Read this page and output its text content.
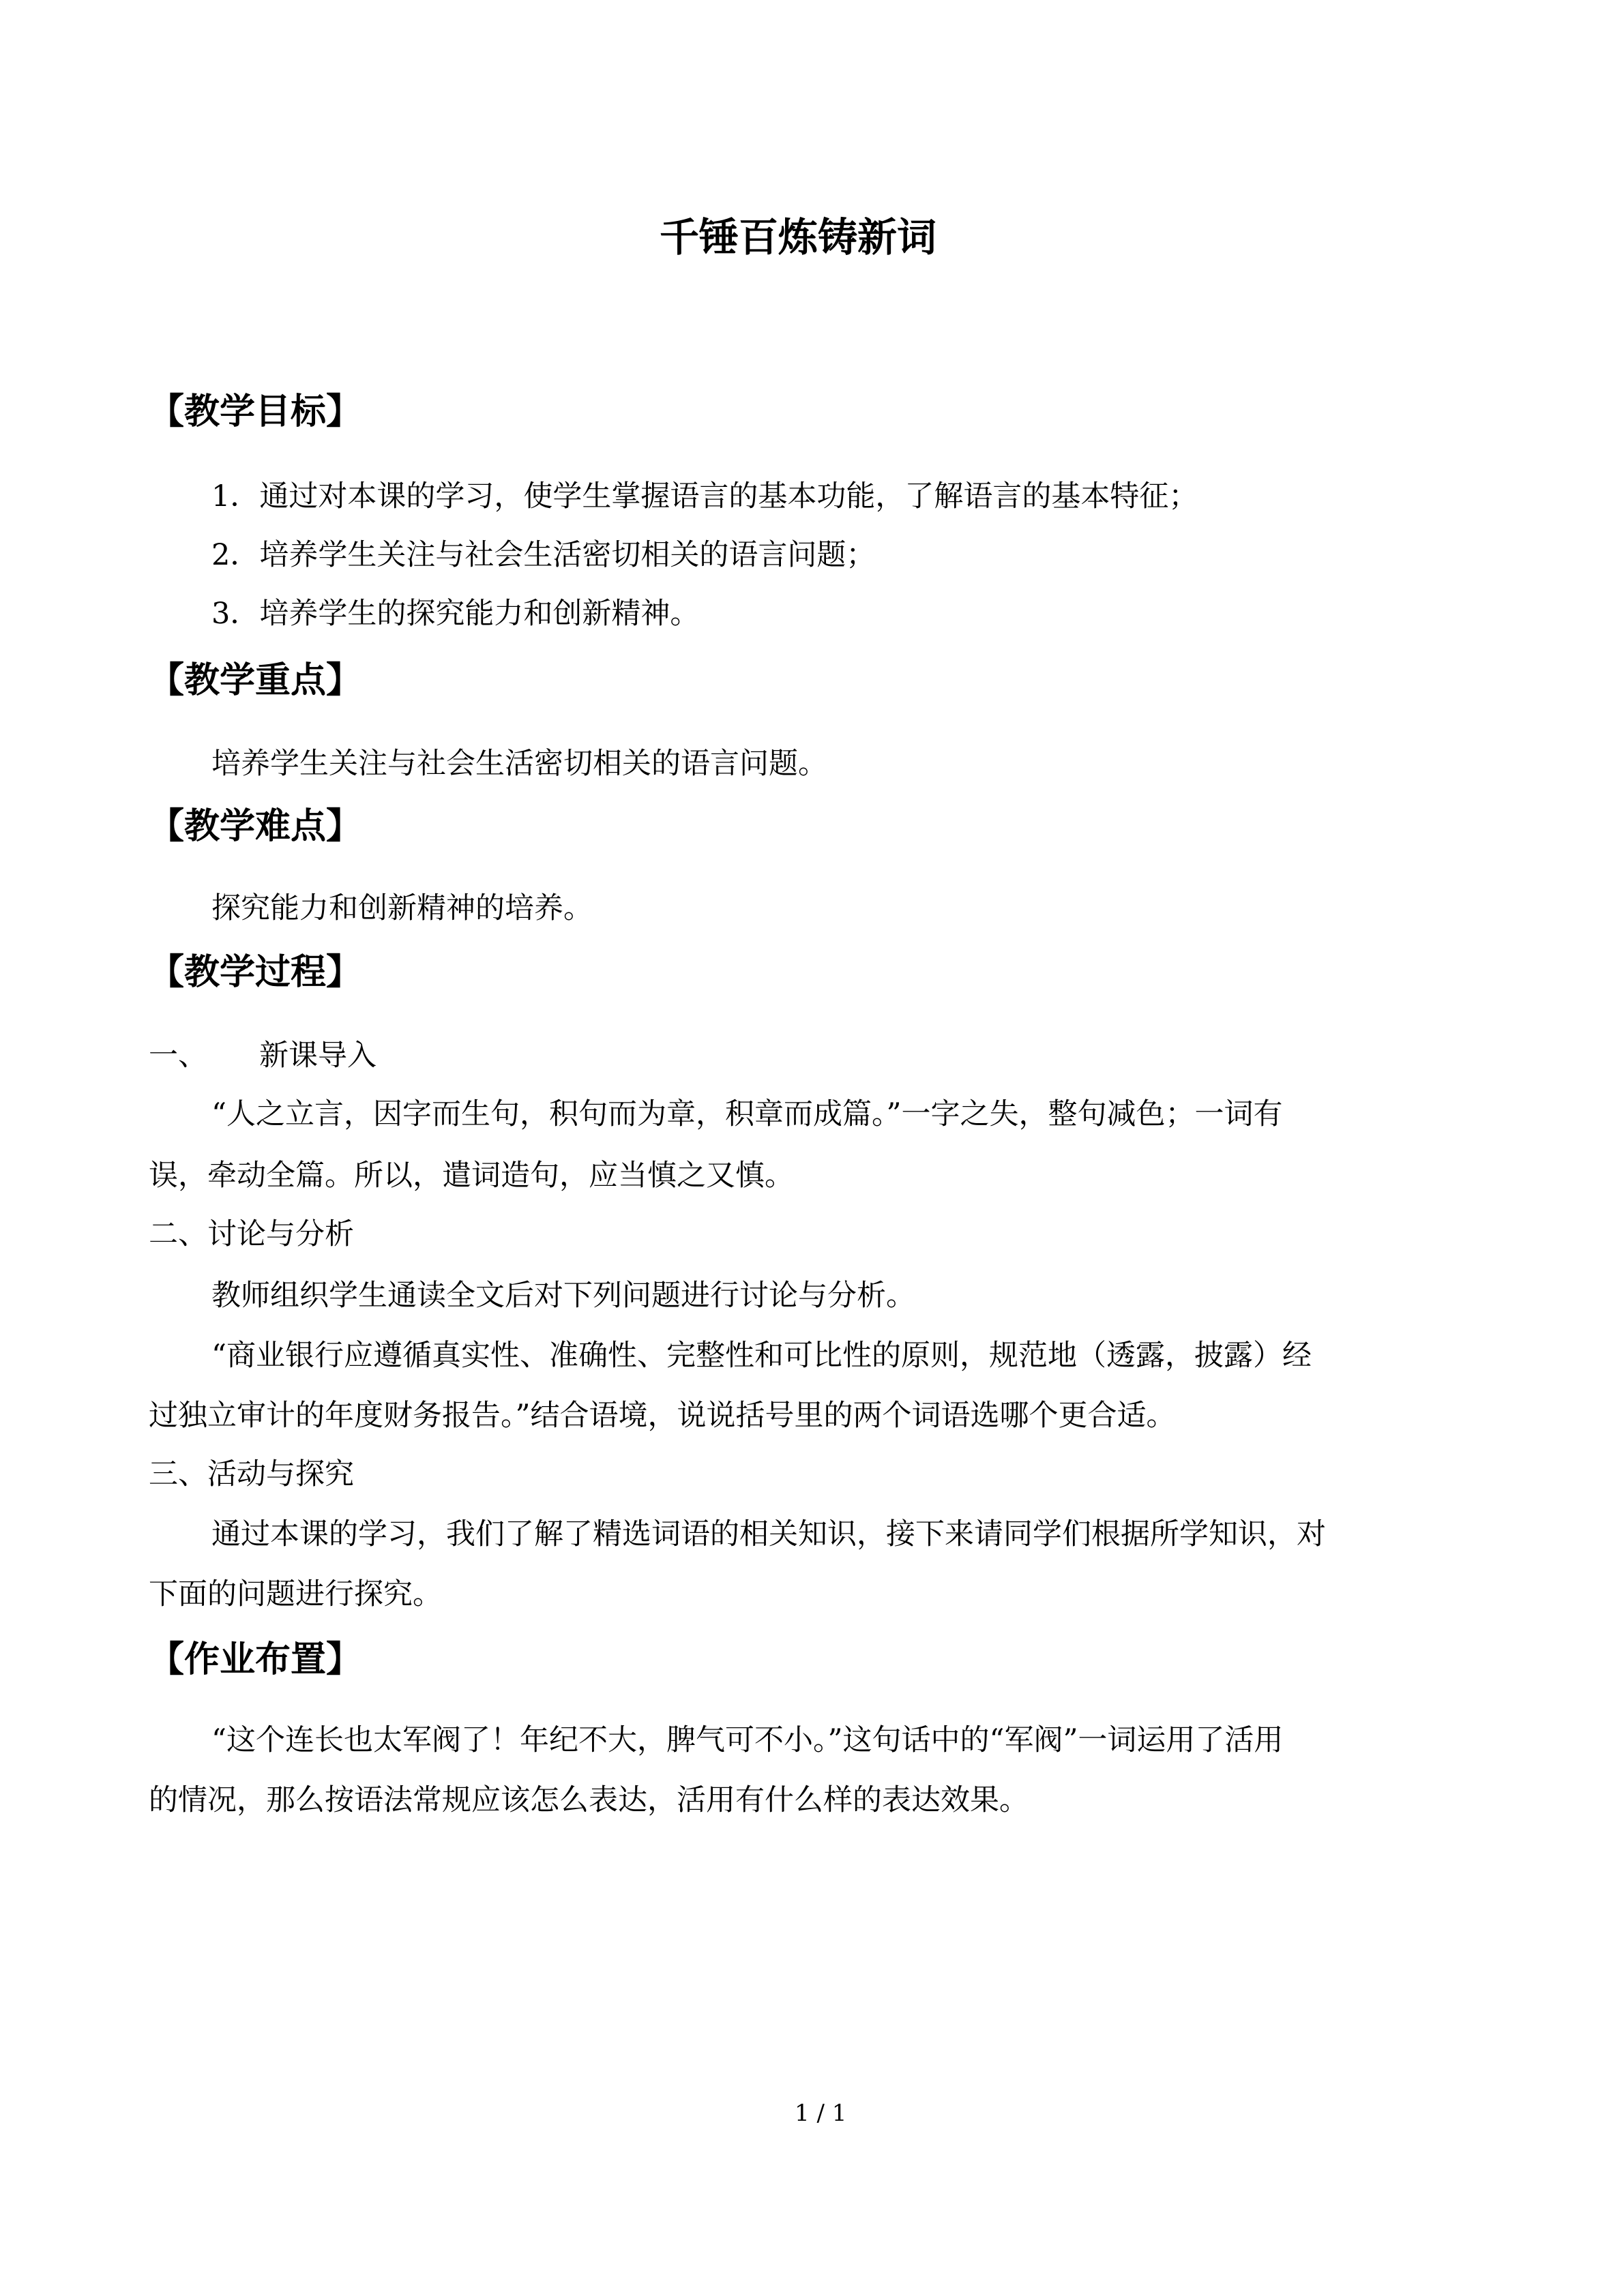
千锤百炼铸新词
【教学目标】
1．通过对本课的学习，使学生掌握语言的基本功能，了解语言的基本特征；
2．培养学生关注与社会生活密切相关的语言问题；
3．培养学生的探究能力和创新精神。
【教学重点】
培养学生关注与社会生活密切相关的语言问题。
【教学难点】
探究能力和创新精神的培养。
【教学过程】
一、 新课导入
“人之立言，因字而生句，积句而为章，积章而成篇。”一字之失，整句减色；一词有
误，牵动全篇。所以，遣词造句，应当慎之又慎。
二、讨论与分析
教师组织学生通读全文后对下列问题进行讨论与分析。
“商业银行应遵循真实性、准确性、完整性和可比性的原则，规范地（透露，披露）经
过独立审计的年度财务报告。”结合语境，说说括号里的两个词语选哪个更合适。
三、活动与探究
通过本课的学习，我们了解了精选词语的相关知识，接下来请同学们根据所学知识，对
下面的问题进行探究。
【作业布置】
“这个连长也太军阀了！年纪不大，脾气可不小。”这句话中的“军阀”一词运用了活用
的情况，那么按语法常规应该怎么表达，活用有什么样的表达效果。
1 / 1
